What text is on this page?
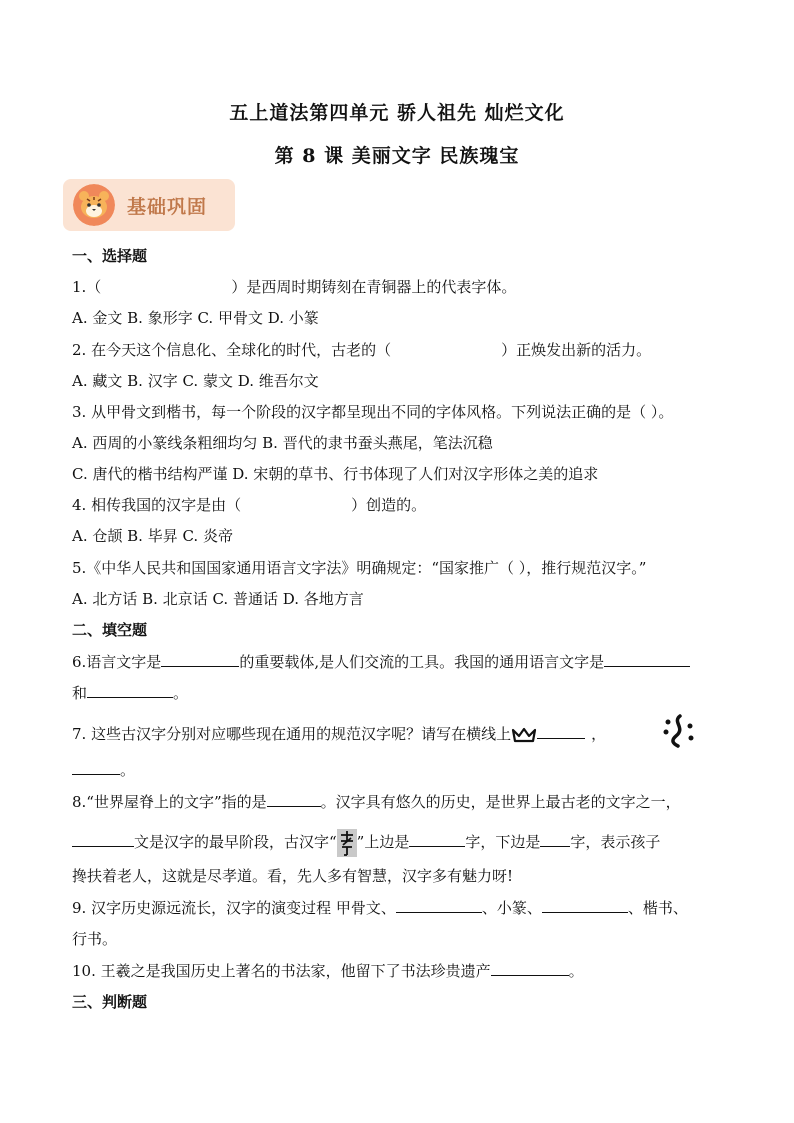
五上道法第四单元 骄人祖先 灿烂文化
第 8 课 美丽文字 民族瑰宝
基础巩固
一、选择题
1.（	）是西周时期铸刻在青铜器上的代表字体。
A. 金文 B. 象形字 C. 甲骨文 D. 小篆
2. 在今天这个信息化、全球化的时代，古老的（	）正焕发出新的活力。
A. 藏文 B. 汉字 C. 蒙文 D. 维吾尔文
3. 从甲骨文到楷书，每一个阶段的汉字都呈现出不同的字体风格。下列说法正确的是（ ）。
A. 西周的小篆线条粗细均匀 B. 晋代的隶书蚕头燕尾，笔法沉稳
C. 唐代的楷书结构严谨 D. 宋朝的草书、行书体现了人们对汉字形体之美的追求
4. 相传我国的汉字是由（	）创造的。
A. 仓颉 B. 毕昇 C. 炎帝
5.《中华人民共和国国家通用语言文字法》明确规定：“国家推广（ ），推行规范汉字。”
A. 北方话 B. 北京话 C. 普通话 D. 各地方言
二、填空题
6.语言文字是	的重要载体,是人们交流的工具。我国的通用语言文字是
和	。
7. 这些古汉字分别对应哪些现在通用的规范汉字呢？请写在横线上	，
。
8.“世界屋脊上的文字”指的是	。汉字具有悠久的历史，是世界上最古老的文字之一，
文是汉字的最早阶段，古汉字“ ”上边是	字，下边是 字，表示孩子
搀扶着老人，这就是尽孝道。看，先人多有智慧，汉字多有魅力呀!
9. 汉字历史源远流长，汉字的演变过程 甲骨文、	、小篆、	、楷书、
行书。
10. 王羲之是我国历史上著名的书法家，他留下了书法珍贵遗产	。
三、判断题
